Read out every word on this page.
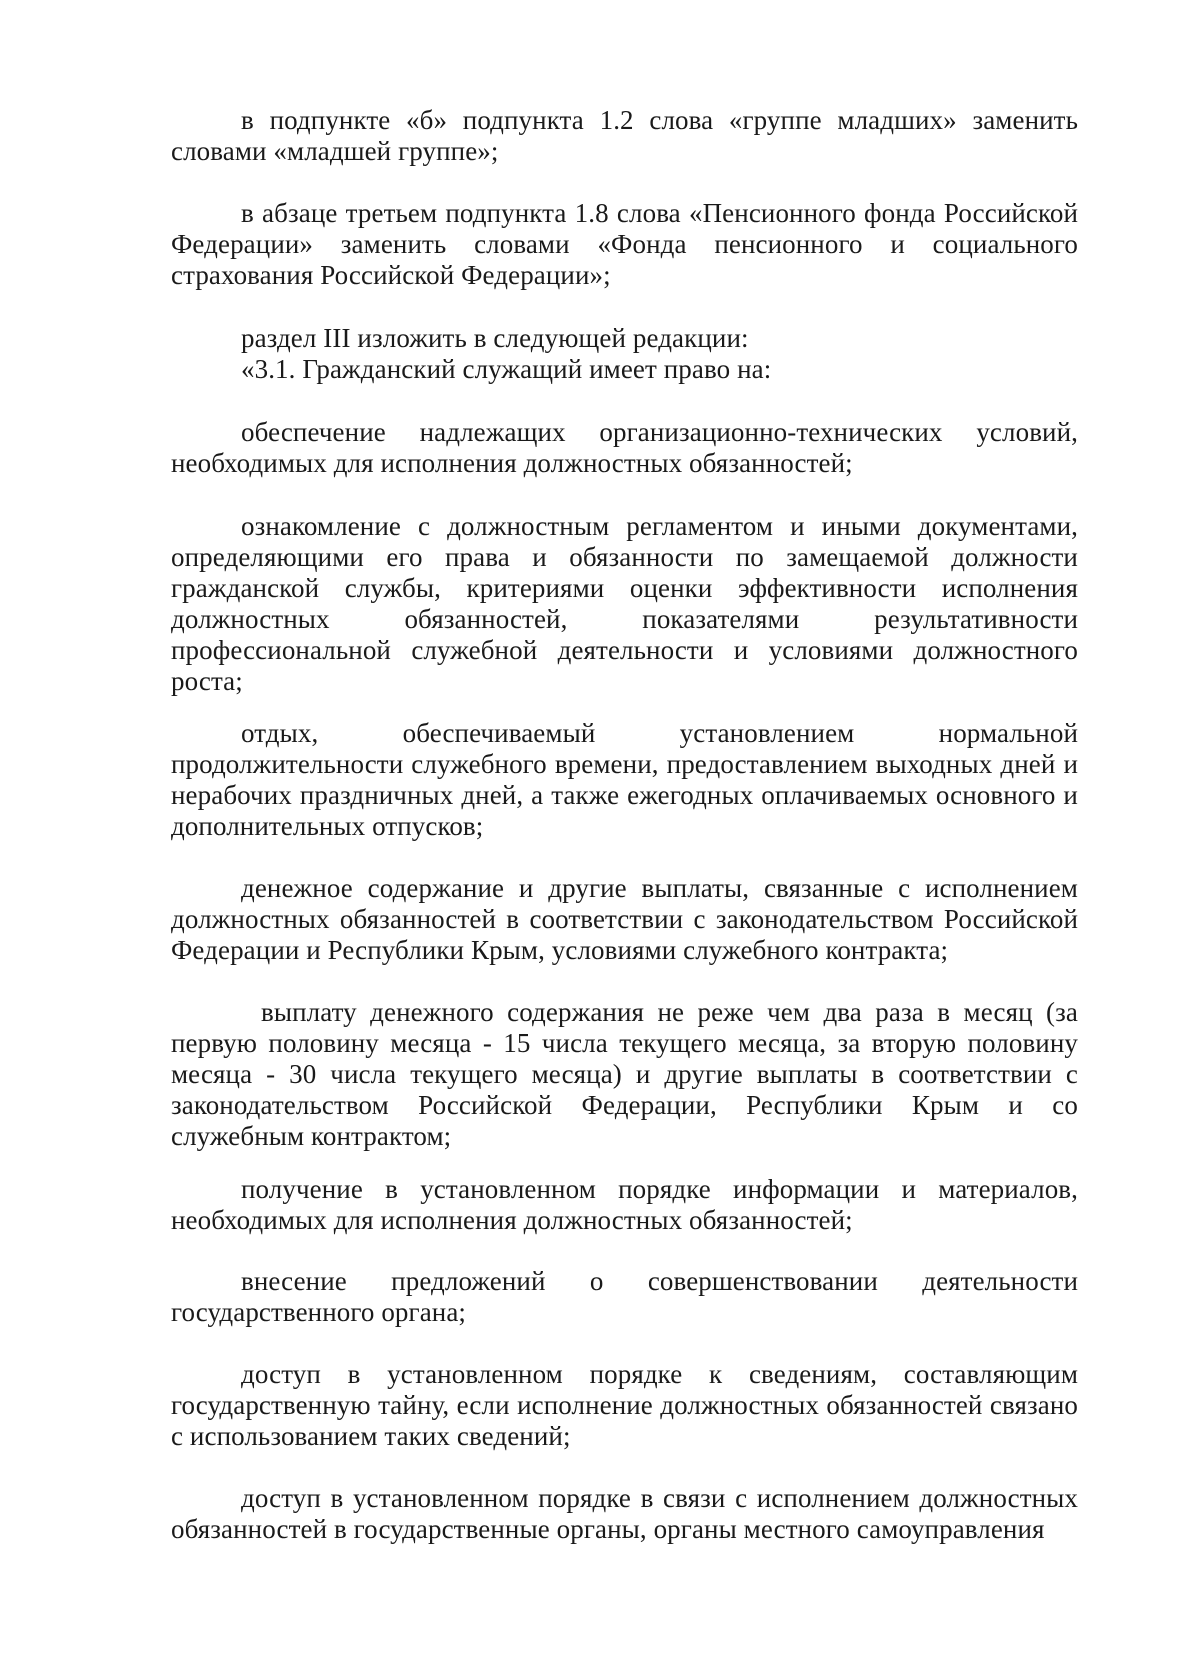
в подпункте «б» подпункта 1.2 слова «группе младших» заменить словами «младшей группе»;

в абзаце третьем подпункта 1.8 слова «Пенсионного фонда Российской Федерации» заменить словами «Фонда пенсионного и социального страхования Российской Федерации»;

раздел III изложить в следующей редакции:

«3.1. Гражданский служащий имеет право на:

обеспечение надлежащих организационно-технических условий, необходимых для исполнения должностных обязанностей;

ознакомление с должностным регламентом и иными документами, определяющими его права и обязанности по замещаемой должности гражданской службы, критериями оценки эффективности исполнения должностных обязанностей, показателями результативности профессиональной служебной деятельности и условиями должностного роста;

отдых, обеспечиваемый установлением нормальной продолжительности служебного времени, предоставлением выходных дней и нерабочих праздничных дней, а также ежегодных оплачиваемых основного и дополнительных отпусков;

денежное содержание и другие выплаты, связанные с исполнением должностных обязанностей в соответствии с законодательством Российской Федерации и Республики Крым, условиями служебного контракта;

выплату денежного содержания не реже чем два раза в месяц (за первую половину месяца - 15 числа текущего месяца, за вторую половину месяца - 30 числа текущего месяца) и другие выплаты в соответствии с законодательством Российской Федерации, Республики Крым и со служебным контрактом;

получение в установленном порядке информации и материалов, необходимых для исполнения должностных обязанностей;

внесение предложений о совершенствовании деятельности государственного органа;

доступ в установленном порядке к сведениям, составляющим государственную тайну, если исполнение должностных обязанностей связано с использованием таких сведений;

доступ в установленном порядке в связи с исполнением должностных обязанностей в государственные органы, органы местного самоуправления
